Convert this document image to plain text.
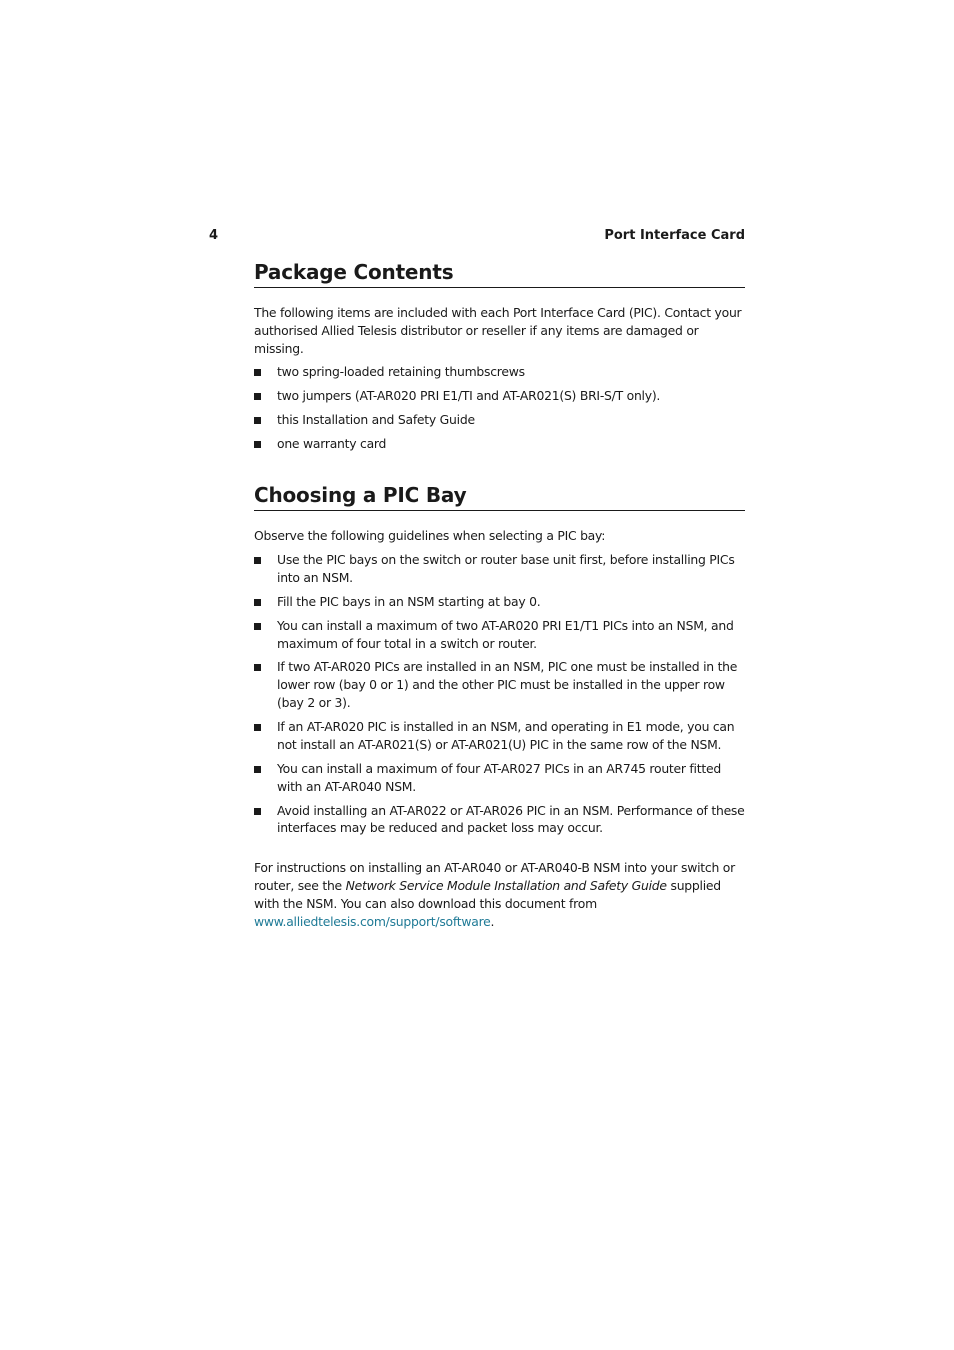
4	Port Interface Card
Package Contents

The following items are included with each Port Interface Card (PIC). Contact your authorised Allied Telesis distributor or reseller if any items are damaged or missing.

two spring-loaded retaining thumbscrews
two jumpers (AT-AR020 PRI E1/TI and AT-AR021(S) BRI-S/T only).
this Installation and Safety Guide
one warranty card
Choosing a PIC Bay

Observe the following guidelines when selecting a PIC bay:

Use the PIC bays on the switch or router base unit first, before installing PICs into an NSM.
Fill the PIC bays in an NSM starting at bay 0.
You can install a maximum of two AT-AR020 PRI E1/T1 PICs into an NSM, and maximum of four total in a switch or router.
If two AT-AR020 PICs are installed in an NSM, PIC one must be installed in the lower row (bay 0 or 1) and the other PIC must be installed in the upper row (bay 2 or 3).
If an AT-AR020 PIC is installed in an NSM, and operating in E1 mode, you can not install an AT-AR021(S) or AT-AR021(U) PIC in the same row of the NSM.
You can install a maximum of four AT-AR027 PICs in an AR745 router fitted with an AT-AR040 NSM.
Avoid installing an AT-AR022 or AT-AR026 PIC in an NSM. Performance of these interfaces may be reduced and packet loss may occur.

For instructions on installing an AT-AR040 or AT-AR040-B NSM into your switch or router, see the Network Service Module Installation and Safety Guide supplied with the NSM. You can also download this document from www.alliedtelesis.com/support/software.
